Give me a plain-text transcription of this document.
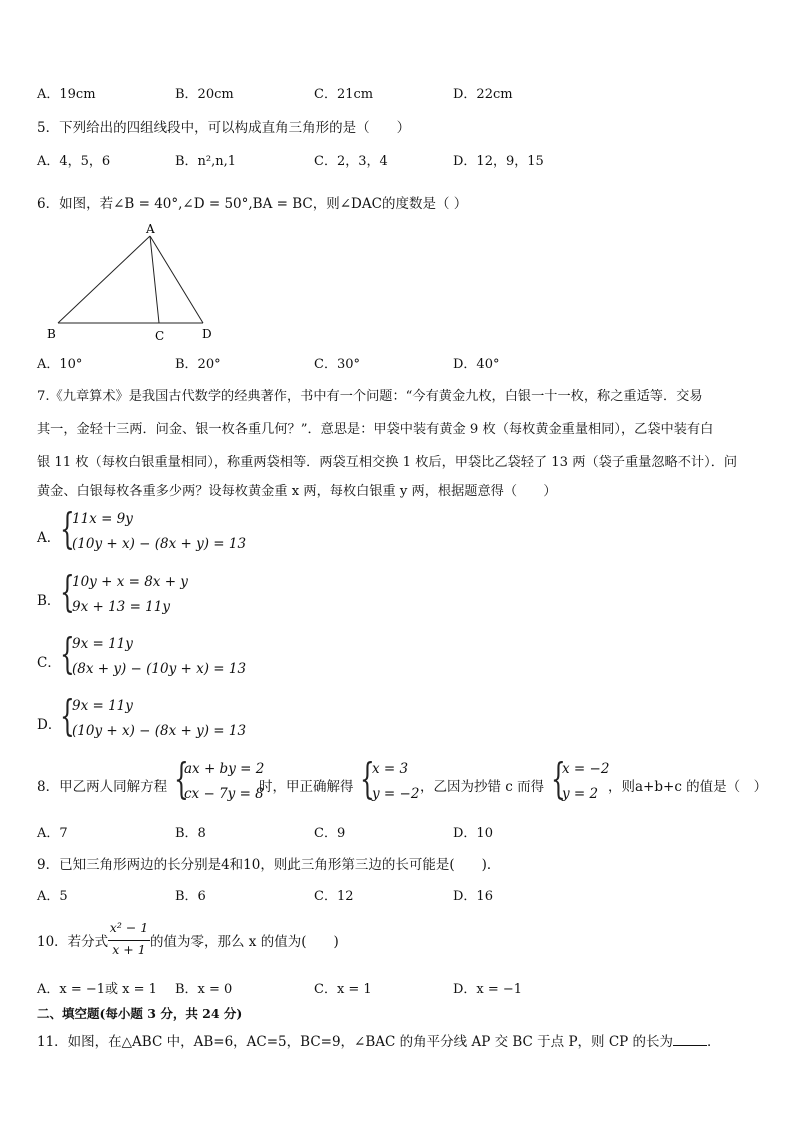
A．19cm	B．20cm	C．21cm	D．22cm
5．下列给出的四组线段中，可以构成直角三角形的是（　　）
A．4，5，6	B．n²,n,1	C．2，3，4	D．12，9，15
6．如图，若∠B = 40°,∠D = 50°,BA = BC，则∠DAC的度数是（ ）
A
B	C	D
A．10°	B．20°	C．30°	D．40°
7.《九章算术》是我国古代数学的经典著作，书中有一个问题：“今有黄金九枚，白银一十一枚，称之重适等．交易
其一，金轻十三两．问金、银一枚各重几何？”．意思是：甲袋中装有黄金 9 枚（每枚黄金重量相同），乙袋中装有白
银 11 枚（每枚白银重量相同），称重两袋相等．两袋互相交换 1 枚后，甲袋比乙袋轻了 13 两（袋子重量忽略不计）．问
黄金、白银每枚各重多少两？设每枚黄金重 x 两，每枚白银重 y 两，根据题意得（　　）
A． {
11x = 9y
(10y + x) − (8x + y) = 13
B． {
10y + x = 8x + y
9x + 13 = 11y
C． {
9x = 11y
(8x + y) − (10y + x) = 13
D．
{
9x = 11y
(10y + x) − (8x + y) = 13
8．甲乙两人同解方程 {
ax + by = 2
cx − 7y = 8
时，甲正确解得 {
x = 3
y = −2 ，乙因为抄错 c 而得 {
x = −2
y = 2 ，则a+b+c 的值是（　）
A．7	B．8	C．9	D．10
9．已知三角形两边的长分别是4和10，则此三角形第三边的长可能是(　　)．
A．5	B．6	C．12	D．16
10．若分式
x² − 1
x + 1 的值为零，那么 x 的值为(　　)
A．x = −1或 x = 1 B．x = 0	C．x = 1	D．x = −1
二、填空题(每小题 3 分，共 24 分)
11．如图，在△ABC 中，AB=6，AC=5，BC=9，∠BAC 的角平分线 AP 交 BC 于点 P，则 CP 的长为	．
